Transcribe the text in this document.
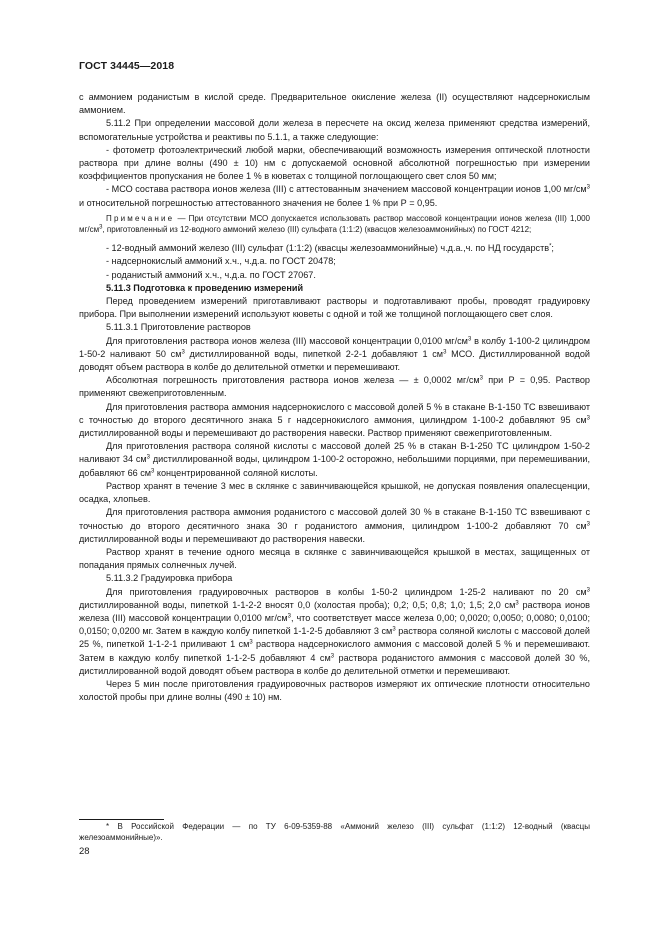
ГОСТ 34445—2018

с аммонием роданистым в кислой среде. Предварительное окисление железа (II) осуществляют надсернокислым аммонием.

5.11.2 При определении массовой доли железа в пересчете на оксид железа применяют средства измерений, вспомогательные устройства и реактивы по 5.1.1, а также следующие:

- фотометр фотоэлектрический любой марки, обеспечивающий возможность измерения оптической плотности раствора при длине волны (490 ± 10) нм с допускаемой основной абсолютной погрешностью при измерении коэффициентов пропускания не более 1 % в кюветах с толщиной поглощающего свет слоя 50 мм;

- МСО состава раствора ионов железа (III) с аттестованным значением массовой концентрации ионов 1,00 $мг/см^3$ и относительной погрешностью аттестованного значения не более 1 % при Р = 0,95.

Примечание — При отсутствии МСО допускается использовать раствор массовой концентрации ионов железа (III) 1,000 $мг/см^3$, приготовленный из 12-водного аммоний железо (III) сульфата (1:1:2) (квасцов железоаммонийных) по ГОСТ 4212;

- 12-водный аммоний железо (III) сульфат (1:1:2) (квасцы железоаммонийные) ч.д.а.,ч. по НД государств*;

- надсернокислый аммоний х.ч., ч.д.а. по ГОСТ 20478;

- роданистый аммоний х.ч., ч.д.а. по ГОСТ 27067.

5.11.3 Подготовка к проведению измерений

Перед проведением измерений приготавливают растворы и подготавливают пробы, проводят градуировку прибора. При выполнении измерений используют кюветы с одной и той же толщиной поглощающего свет слоя.

5.11.3.1 Приготовление растворов

Для приготовления раствора ионов железа (III) массовой концентрации 0,0100 $мг/см^3$ в колбу 1-100-2 цилиндром 1-50-2 наливают 50 $см^3$ дистиллированной воды, пипеткой 2-2-1 добавляют 1 $см^3$ МСО. Дистиллированной водой доводят объем раствора в колбе до делительной отметки и перемешивают.

Абсолютная погрешность приготовления раствора ионов железа — ± 0,0002 $мг/см^3$ при Р = 0,95. Раствор применяют свежеприготовленным.

Для приготовления раствора аммония надсернокислого с массовой долей 5 % в стакане В-1-150 ТС взвешивают с точностью до второго десятичного знака 5 г надсернокислого аммония, цилиндром 1-100-2 добавляют 95 $см^3$ дистиллированной воды и перемешивают до растворения навески. Раствор применяют свежеприготовленным.

Для приготовления раствора соляной кислоты с массовой долей 25 % в стакан В-1-250 ТС цилиндром 1-50-2 наливают 34 $см^3$ дистиллированной воды, цилиндром 1-100-2 осторожно, небольшими порциями, при перемешивании, добавляют 66 $см^3$ концентрированной соляной кислоты.

Раствор хранят в течение 3 мес в склянке с завинчивающейся крышкой, не допуская появления опалесценции, осадка, хлопьев.

Для приготовления раствора аммония роданистого с массовой долей 30 % в стакане В-1-150 ТС взвешивают с точностью до второго десятичного знака 30 г роданистого аммония, цилиндром 1-100-2 добавляют 70 $см^3$ дистиллированной воды и перемешивают до растворения навески.

Раствор хранят в течение одного месяца в склянке с завинчивающейся крышкой в местах, защищенных от попадания прямых солнечных лучей.

5.11.3.2 Градуировка прибора

Для приготовления градуировочных растворов в колбы 1-50-2 цилиндром 1-25-2 наливают по 20 $см^3$ дистиллированной воды, пипеткой 1-1-2-2 вносят 0,0 (холостая проба); 0,2; 0,5; 0,8; 1,0; 1,5; 2,0 $см^3$ раствора ионов железа (III) массовой концентрации 0,0100 $мг/см^3$, что соответствует массе железа 0,00; 0,0020; 0,0050; 0,0080; 0,0100; 0,0150; 0,0200 мг. Затем в каждую колбу пипеткой 1-1-2-5 добавляют 3 $см^3$ раствора соляной кислоты с массовой долей 25 %, пипеткой 1-1-2-1 приливают 1 $см^3$ раствора надсернокислого аммония с массовой долей 5 % и перемешивают. Затем в каждую колбу пипеткой 1-1-2-5 добавляют 4 $см^3$ раствора роданистого аммония с массовой долей 30 %, дистиллированной водой доводят объем раствора в колбе до делительной отметки и перемешивают.

Через 5 мин после приготовления градуировочных растворов измеряют их оптические плотности относительно холостой пробы при длине волны (490 ± 10) нм.

* В Российской Федерации — по ТУ 6-09-5359-88 «Аммоний железо (III) сульфат (1:1:2) 12-водный (квасцы железоаммонийные)».

28
